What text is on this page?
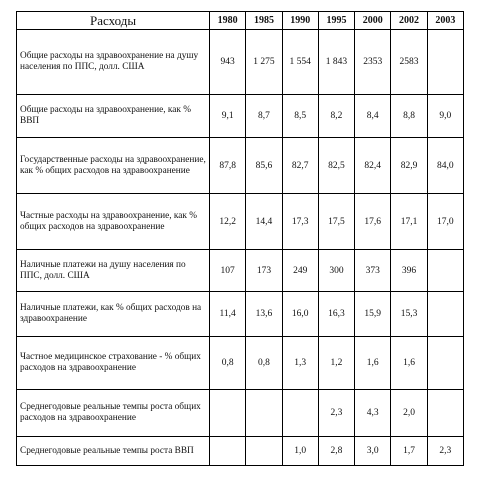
Расходы	1980	1985	1990	1995	2000	2002	2003
Общие расходы на здравоохранение на душу населения по ППС, долл. США	943	1 275	1 554	1 843	2353	2583	
Общие расходы на здравоохранение, как % ВВП	9,1	8,7	8,5	8,2	8,4	8,8	9,0
Государственные расходы на здравоохранение, как % общих расходов на здравоохранение	87,8	85,6	82,7	82,5	82,4	82,9	84,0
Частные расходы на здравоохранение, как % общих расходов на здравоохранение	12,2	14,4	17,3	17,5	17,6	17,1	17,0
Наличные платежи на душу населения по ППС, долл. США	107	173	249	300	373	396	
Наличные платежи, как % общих расходов на здравоохранение	11,4	13,6	16,0	16,3	15,9	15,3	
Частное медицинское страхование - % общих расходов на здравоохранение	0,8	0,8	1,3	1,2	1,6	1,6	
Среднегодовые реальные темпы роста общих расходов на здравоохранение				2,3	4,3	2,0	
Среднегодовые реальные темпы роста ВВП			1,0	2,8	3,0	1,7	2,3
